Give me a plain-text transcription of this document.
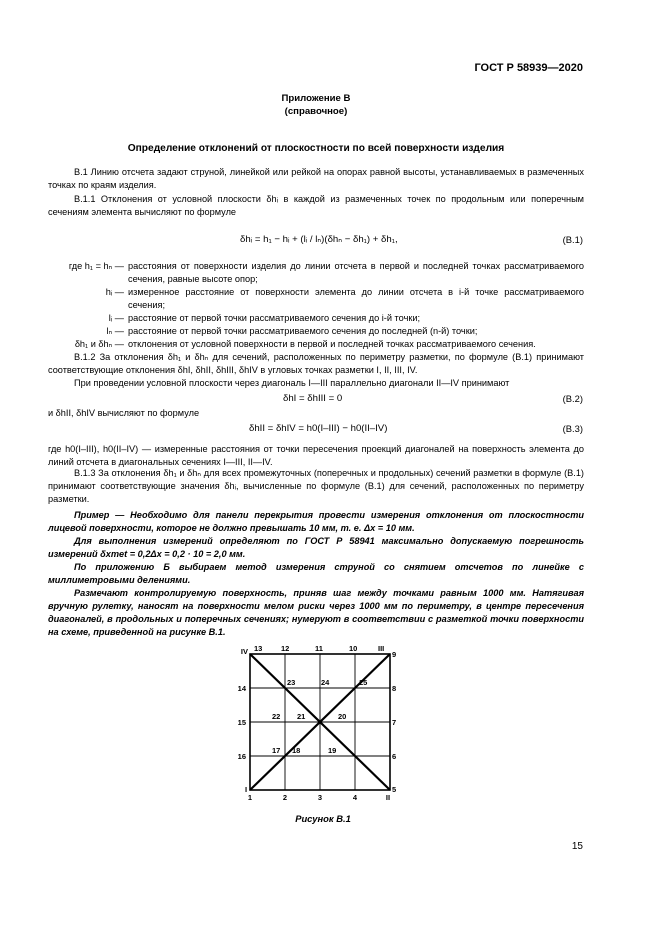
ГОСТ Р 58939—2020
Приложение В
(справочное)
Определение отклонений от плоскостности по всей поверхности изделия

В.1 Линию отсчета задают струной, линейкой или рейкой на опорах равной высоты, устанавливаемых в размеченных точках по краям изделия.

В.1.1 Отклонения от условной плоскости δhᵢ в каждой из размеченных точек по продольным или поперечным сечениям элемента вычисляют по формуле

δhᵢ = h₁ − hᵢ + (lᵢ / lₙ)(δhₙ − δh₁) + δh₁,	(В.1)
где h₁ = hₙ — расстояния от поверхности изделия до линии отсчета в первой и последней точках рассматриваемого сечения, равные высоте опор;
hᵢ — измеренное расстояние от поверхности элемента до линии отсчета в i-й точке рассматриваемого сечения;
lᵢ — расстояние от первой точки рассматриваемого сечения до i-й точки;
lₙ — расстояние от первой точки рассматриваемого сечения до последней (n-й) точки;
δh₁ и δhₙ — отклонения от условной поверхности в первой и последней точках рассматриваемого сечения.

В.1.2 За отклонения δh₁ и δhₙ для сечений, расположенных по периметру разметки, по формуле (В.1) принимают соответствующие отклонения δhI, δhII, δhIII, δhIV в угловых точках разметки I, II, III, IV.

При проведении условной плоскости через диагональ I—III параллельно диагонали II—IV принимают

δhI = δhIII = 0	(В.2)

и δhII, δhIV вычисляют по формуле

δhII = δhIV = h0(I–III) − h0(II–IV)	(В.3)

где h0(I–III), h0(II–IV) — измеренные расстояния от точки пересечения проекций диагоналей на поверхность элемента до линий отсчета в диагональных сечениях I—III, II—IV.

В.1.3 За отклонения δh₁ и δhₙ для всех промежуточных (поперечных и продольных) сечений разметки в формуле (В.1) принимают соответствующие значения δhᵢ, вычисленные по формуле (В.1) для сечений, расположенных по периметру разметки.

Пример — Необходимо для панели перекрытия провести измерения отклонения от плоскостности лицевой поверхности, которое не должно превышать 10 мм, т. е. Δx = 10 мм.

Для выполнения измерений определяют по ГОСТ Р 58941 максимально допускаемую погрешность измерений δxmet = 0,2Δx = 0,2 · 10 = 2,0 мм.

По приложению Б выбираем метод измерения струной со снятием отсчетов по линейке с миллиметровыми делениями.

Размечают контролируемую поверхность, приняв шаг между точками равным 1000 мм. Натягивая вручную рулетку, наносят на поверхности мелом риски через 1000 мм по периметру, в центре пересечения диагоналей, в продольных и поперечных сечениях; нумеруют в соответствии с разметкой точки поверхности на схеме, приведенной на рисунке В.1.

IV 13 12	11	10	III
14
15
16
9
8
7
6
5
I
1	2	3	4	II
23	24	25
22 21	20
17 18	19
Рисунок В.1
15
